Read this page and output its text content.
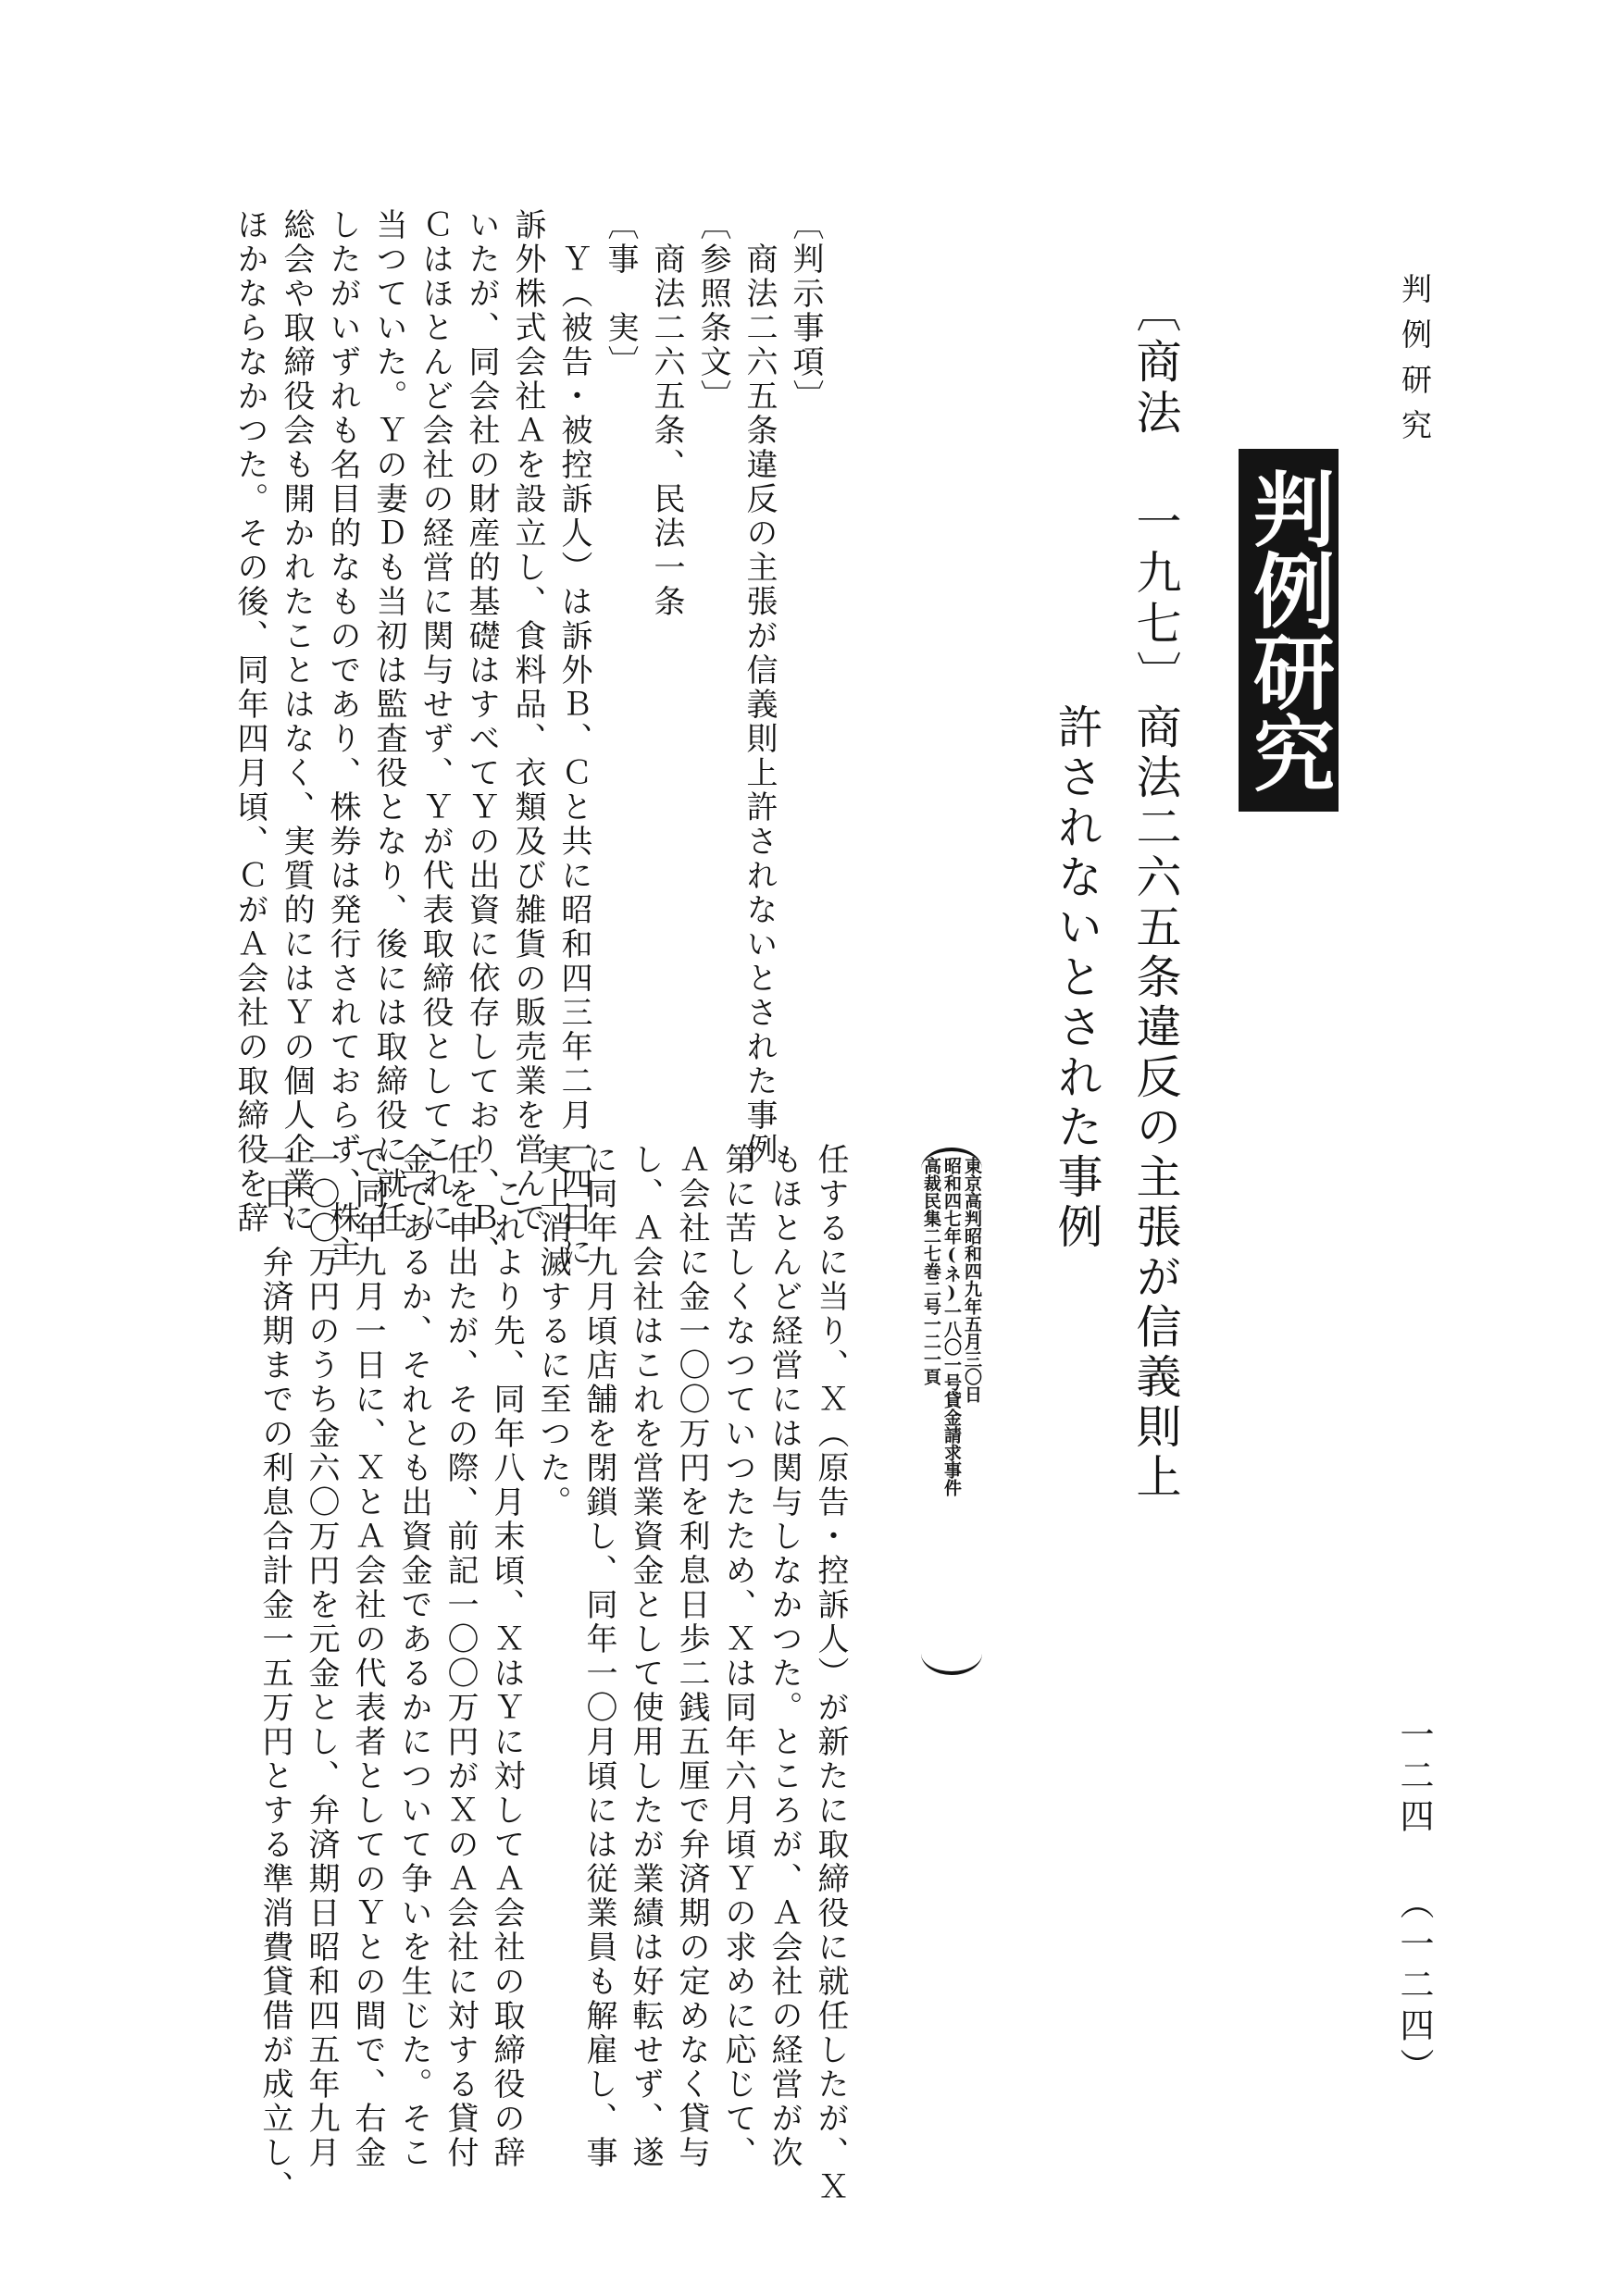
判例研究
一二四 （一二四）
判例研究
〔商法 一九七〕
商法二六五条違反の主張が信義則上
許されないとされた事例
東京高判昭和四九年五月三〇日
昭和四七年(ネ)一八〇一号貸金請求事件
高裁民集二七巻二号一二一頁
〔判示事項〕
　商法二六五条違反の主張が信義則上許されないとされた事例
〔参照条文〕
　商法二六五条、民法一条
〔事　実〕
　Ｙ（被告・被控訴人）は訴外Ｂ、Ｃと共に昭和四三年二月一四日に
訴外株式会社Ａを設立し、食料品、衣類及び雑貨の販売業を営んで
いたが、同会社の財産的基礎はすべてＹの出資に依存しており、Ｂ、
Ｃはほとんど会社の経営に関与せず、Ｙが代表取締役としてこれに
当つていた。Ｙの妻Ｄも当初は監査役となり、後には取締役に就任
したがいずれも名目的なものであり、株券は発行されておらず、株主
総会や取締役会も開かれたことはなく、実質的にはＹの個人企業に
ほかならなかつた。その後、同年四月頃、ＣがＡ会社の取締役を辞
任するに当り、Ｘ（原告・控訴人）が新たに取締役に就任したが、Ｘ
もほとんど経営には関与しなかつた。ところが、Ａ会社の経営が次
第に苦しくなつていつたため、Ｘは同年六月頃Ｙの求めに応じて、
Ａ会社に金一〇〇万円を利息日歩二銭五厘で弁済期の定めなく貸与
し、Ａ会社はこれを営業資金として使用したが業績は好転せず、遂
に同年九月頃店舗を閉鎖し、同年一〇月頃には従業員も解雇し、事
実上消滅するに至つた。
　これより先、同年八月末頃、ＸはＹに対してＡ会社の取締役の辞
任を申出たが、その際、前記一〇〇万円がＸのＡ会社に対する貸付
金であるか、それとも出資金であるかについて争いを生じた。そこ
で同年九月一日に、ＸとＡ会社の代表者としてのＹとの間で、右金
一〇〇万円のうち金六〇万円を元金とし、弁済期日昭和四五年九月
一日、弁済期までの利息合計金一五万円とする準消費貸借が成立し、
